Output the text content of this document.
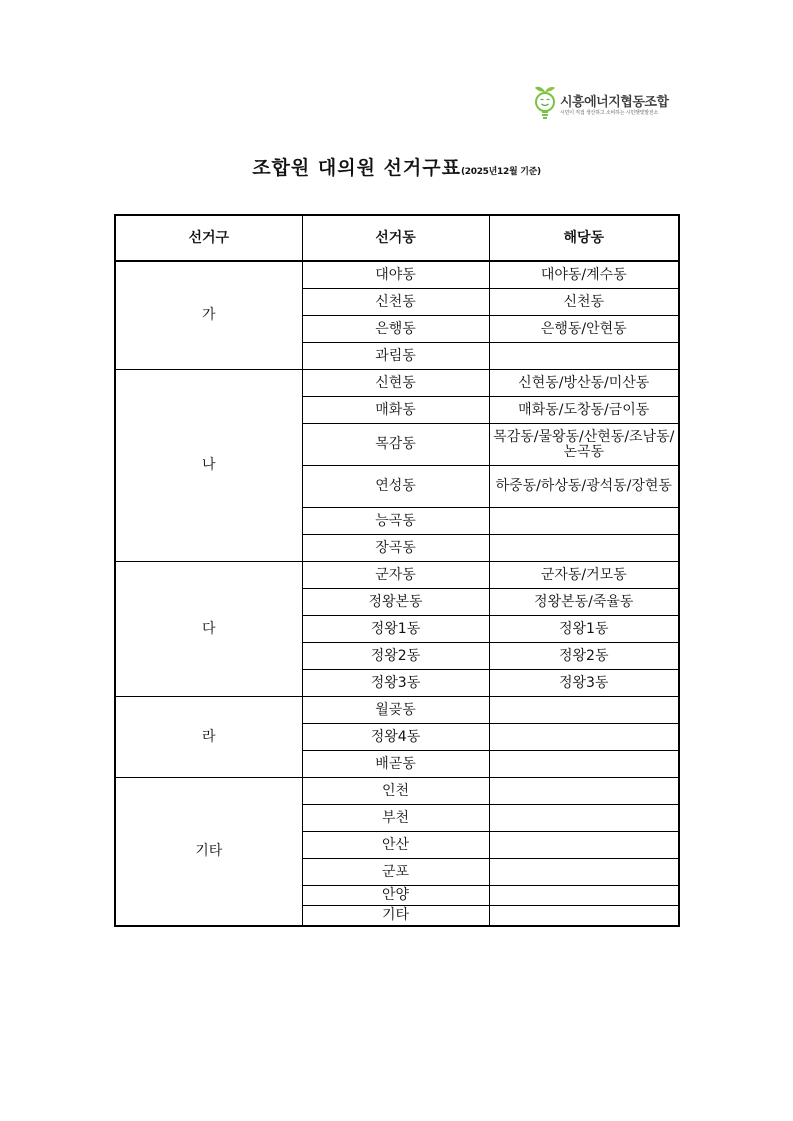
시흥에너지협동조합
시민이 직접 생산하고 소비하는 시민햇빛발전소
조합원 대의원 선거구표(2025년12월 기준)
선거구	선거동	해당동
가	대야동	대야동/계수동
	신천동	신천동
	은행동	은행동/안현동
	과림동	
나	신현동	신현동/방산동/미산동
	매화동	매화동/도창동/금이동
	목감동	목감동/물왕동/산현동/조남동/논곡동

	연성동	하중동/하상동/광석동/장현동

	능곡동	
	장곡동	
다	군자동	군자동/거모동
	정왕본동	정왕본동/죽율동
	정왕1동	정왕1동
	정왕2동	정왕2동
	정왕3동	정왕3동
라	월곶동	
	정왕4동	
	배곧동	
기타	인천	
	부천	
	안산	
	군포	
	안양	
	기타	
